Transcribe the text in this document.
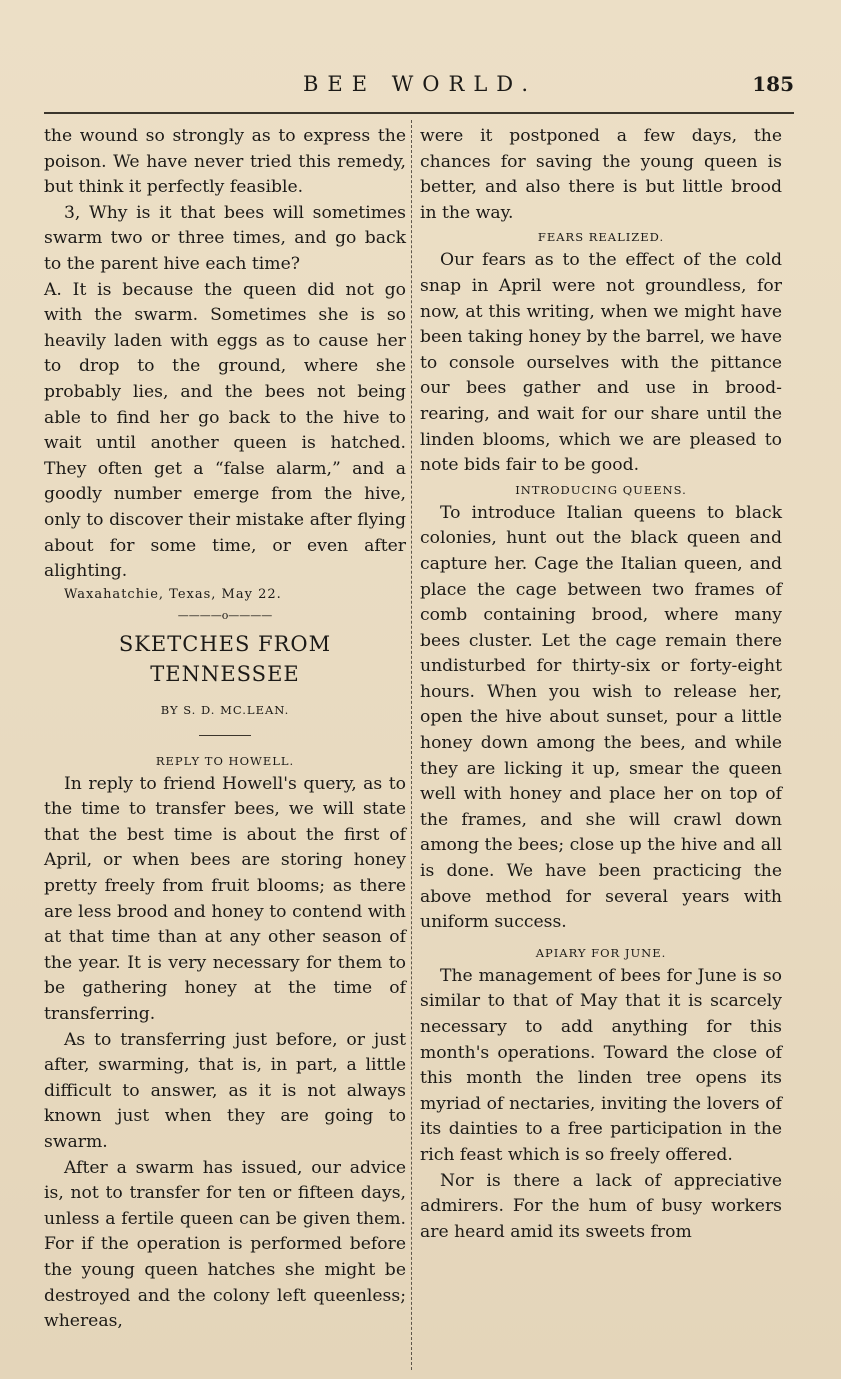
BEE WORLD.	185

the wound so strongly as to express the poison. We have never tried this remedy, but think it perfectly feasible.

3, Why is it that bees will sometimes swarm two or three times, and go back to the parent hive each time?

A. It is because the queen did not go with the swarm. Sometimes she is so heavily laden with eggs as to cause her to drop to the ground, where she probably lies, and the bees not being able to find her go back to the hive to wait until another queen is hatched. They often get a “false alarm,” and a goodly number emerge from the hive, only to discover their mistake after flying about for some time, or even after alighting.

Waxahatchie, Texas, May 22.

————o————
SKETCHES FROM TENNESSEE
BY S. D. MC.LEAN.
REPLY TO HOWELL.

In reply to friend Howell's query, as to the time to transfer bees, we will state that the best time is about the first of April, or when bees are storing honey pretty freely from fruit blooms; as there are less brood and honey to contend with at that time than at any other season of the year. It is very necessary for them to be gathering honey at the time of transferring.

As to transferring just before, or just after, swarming, that is, in part, a little difficult to answer, as it is not always known just when they are going to swarm.

After a swarm has issued, our advice is, not to transfer for ten or fifteen days, unless a fertile queen can be given them. For if the operation is performed before the young queen hatches she might be destroyed and the colony left queenless; whereas,

were it postponed a few days, the chances for saving the young queen is better, and also there is but little brood in the way.

FEARS REALIZED.

Our fears as to the effect of the cold snap in April were not groundless, for now, at this writing, when we might have been taking honey by the barrel, we have to console ourselves with the pittance our bees gather and use in brood-rearing, and wait for our share until the linden blooms, which we are pleased to note bids fair to be good.

INTRODUCING QUEENS.

To introduce Italian queens to black colonies, hunt out the black queen and capture her. Cage the Italian queen, and place the cage between two frames of comb containing brood, where many bees cluster. Let the cage remain there undisturbed for thirty-six or forty-eight hours. When you wish to release her, open the hive about sunset, pour a little honey down among the bees, and while they are licking it up, smear the queen well with honey and place her on top of the frames, and she will crawl down among the bees; close up the hive and all is done. We have been practicing the above method for several years with uniform success.

APIARY FOR JUNE.

The management of bees for June is so similar to that of May that it is scarcely necessary to add anything for this month's operations. Toward the close of this month the linden tree opens its myriad of nectaries, inviting the lovers of its dainties to a free participation in the rich feast which is so freely offered.

Nor is there a lack of appreciative admirers. For the hum of busy workers are heard amid its sweets from
